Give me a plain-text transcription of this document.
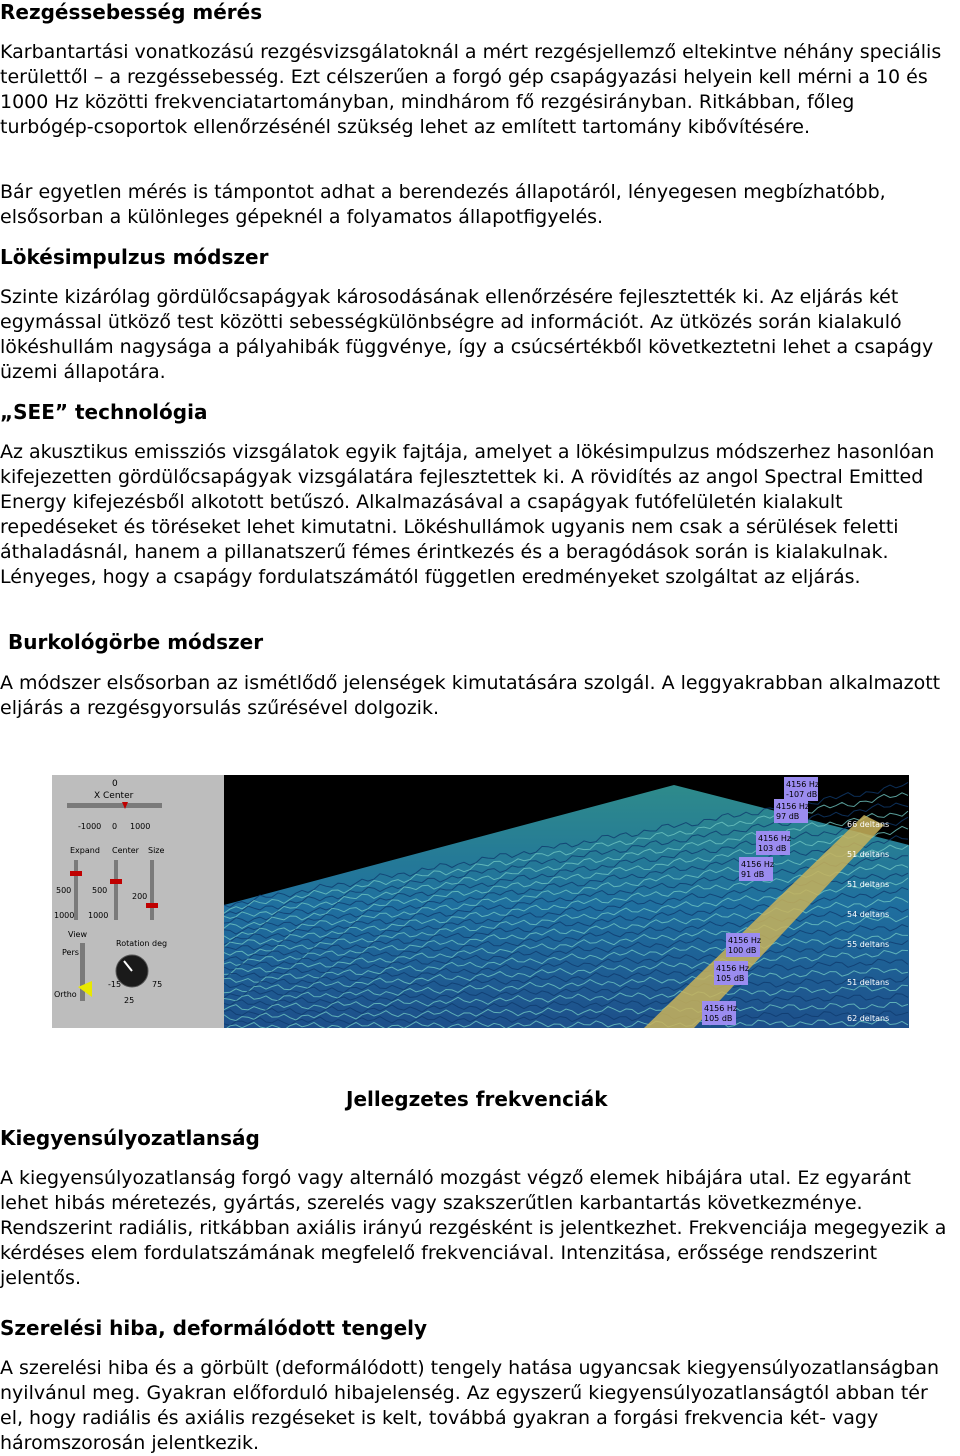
Rezgéssebesség mérés
Karbantartási vonatkozású rezgésvizsgálatoknál a mért rezgésjellemző eltekintve néhány speciális területtől – a rezgéssebesség. Ezt célszerűen a forgó gép csapágyazási helyein kell mérni a 10 és 1000 Hz közötti frekvenciatartományban, mindhárom fő rezgésirányban. Ritkábban, főleg turbógép-csoportok ellenőrzésénél szükség lehet az említett tartomány kibővítésére.
Bár egyetlen mérés is támpontot adhat a berendezés állapotáról, lényegesen megbízhatóbb, elsősorban a különleges gépeknél a folyamatos állapotfigyelés.
Lökésimpulzus módszer
Szinte kizárólag gördülőcsapágyak károsodásának ellenőrzésére fejlesztették ki. Az eljárás két egymással ütköző test közötti sebességkülönbségre ad információt. Az ütközés során kialakuló lökéshullám nagysága a pályahibák függvénye, így a csúcsértékből következtetni lehet a csapágy üzemi állapotára.
„SEE” technológia
Az akusztikus emissziós vizsgálatok egyik fajtája, amelyet a lökésimpulzus módszerhez hasonlóan kifejezetten gördülőcsapágyak vizsgálatára fejlesztettek ki. A rövidítés az angol Spectral Emitted Energy kifejezésből alkotott betűszó. Alkalmazásával a csapágyak futófelületén kialakult repedéseket és töréseket lehet kimutatni. Lökéshullámok ugyanis nem csak a sérülések feletti áthaladásnál, hanem a pillanatszerű fémes érintkezés és a beragódások során is kialakulnak. Lényeges, hogy a csapágy fordulatszámától független eredményeket szolgáltat az eljárás.
Burkológörbe módszer
A módszer elsősorban az ismétlődő jelenségek kimutatására szolgál. A leggyakrabban alkalmazott eljárás a rezgésgyorsulás szűrésével dolgozik.
0
X Center
-1000 0 1000
Expand Center Size
500	500
200
1000 1000
View
Pers
Ortho
Rotation deg
-15
25
75
4156 Hz
-107 dB
4156 Hz
97 dB
4156 Hz
103 dB
4156 Hz
91 dB
4156 Hz
100 dB
4156 Hz
105 dB
4156 Hz
105 dB
66 deltans
51 deltans
51 deltans
54 deltans
55 deltans
51 deltans
62 deltans
Jellegzetes frekvenciák
Kiegyensúlyozatlanság
A kiegyensúlyozatlanság forgó vagy alternáló mozgást végző elemek hibájára utal. Ez egyaránt lehet hibás méretezés, gyártás, szerelés vagy szakszerűtlen karbantartás következménye. Rendszerint radiális, ritkábban axiális irányú rezgésként is jelentkezhet. Frekvenciája megegyezik a kérdéses elem fordulatszámának megfelelő frekvenciával. Intenzitása, erőssége rendszerint jelentős.
Szerelési hiba, deformálódott tengely
A szerelési hiba és a görbült (deformálódott) tengely hatása ugyancsak kiegyensúlyozatlanságban nyilvánul meg. Gyakran előforduló hibajelenség. Az egyszerű kiegyensúlyozatlanságtól abban tér el, hogy radiális és axiális rezgéseket is kelt, továbbá gyakran a forgási frekvencia két- vagy háromszorosán jelentkezik.
